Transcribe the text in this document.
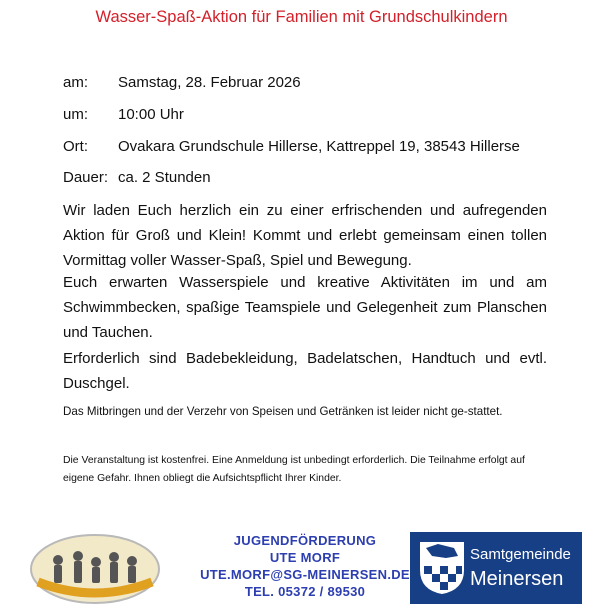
Wasser-Spaß-Aktion für Familien mit Grundschulkindern
am: Samstag, 28. Februar 2026
um: 10:00 Uhr
Ort: Ovakara Grundschule Hillerse, Kattreppel 19, 38543 Hillerse
Dauer: ca. 2 Stunden
Wir laden Euch herzlich ein zu einer erfrischenden und aufregenden Aktion für Groß und Klein! Kommt und erlebt gemeinsam einen tollen Vormittag voller Wasser-Spaß, Spiel und Bewegung.
Euch erwarten Wasserspiele und kreative Aktivitäten im und am Schwimmbecken, spaßige Teamspiele und Gelegenheit zum Planschen und Tauchen.
Erforderlich sind Badebekleidung, Badelatschen, Handtuch und evtl. Duschgel.
Das Mitbringen und der Verzehr von Speisen und Getränken ist leider nicht ge-stattet.
Die Veranstaltung ist kostenfrei. Eine Anmeldung ist unbedingt erforderlich. Die Teilnahme erfolgt auf eigene Gefahr. Ihnen obliegt die Aufsichtspflicht Ihrer Kinder.
JUGENDFÖRDERUNG
UTE MORF
UTE.MORF@SG-MEINERSEN.DE
TEL. 05372 / 89530
Samtgemeinde
Meinersen
